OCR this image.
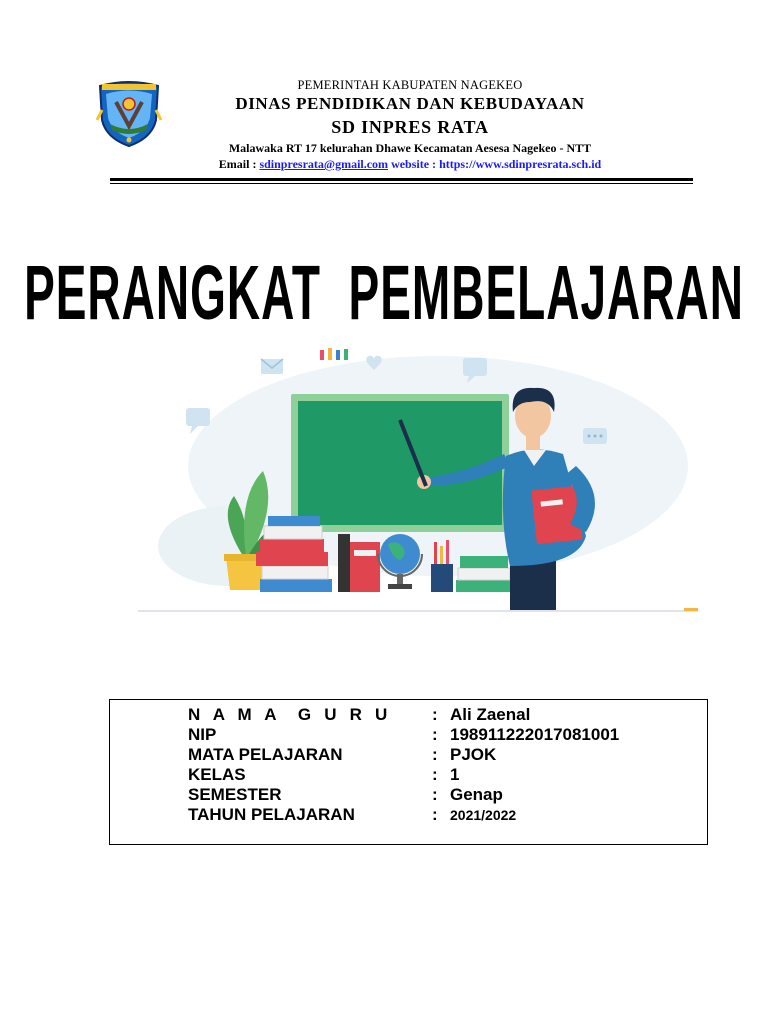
PEMERINTAH KABUPATEN NAGEKEO
DINAS PENDIDIKAN DAN KEBUDAYAAN
SD INPRES RATA
Malawaka RT 17 kelurahan Dhawe Kecamatan Aesesa Nagekeo - NTT
Email : sdinpresrata@gmail.com website : https://www.sdinpresrata.sch.id
PERANGKAT  PEMBELAJARAN
N A M A  G U R U : Ali Zaenal
NIP	: 198911222017081001
MATA PELAJARAN	: PJOK
KELAS	: 1
SEMESTER	: Genap
TAHUN PELAJARAN	: 2021/2022
